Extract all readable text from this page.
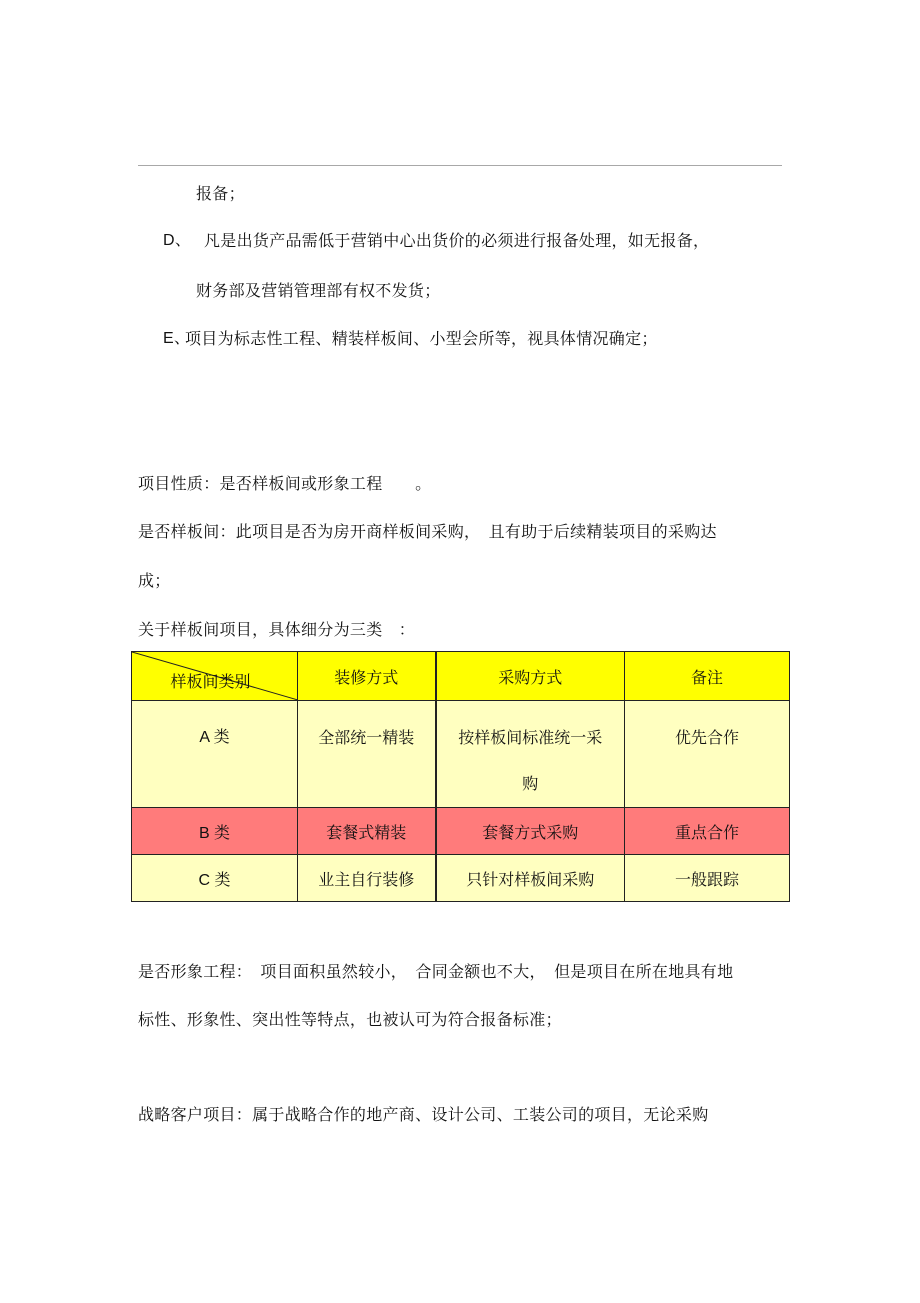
报备；
D、 凡是出货产品需低于营销中心出货价的必须进行报备处理，如无报备，
财务部及营销管理部有权不发货；
E、
项目为标志性工程、精装样板间、小型会所等，视具体情况确定；
项目性质：是否样板间或形象工程　　。
是否样板间：此项目是否为房开商样板间采购，　且有助于后续精装项目的采购达
成；
关于样板间项目，具体细分为三类　：
样板间类别	装修方式	采购方式	备注

A 类	全部统一精装	按样板间标准统一采购	优先合作

B 类	套餐式精装	套餐方式采购	重点合作
C 类	业主自行装修	只针对样板间采购	一般跟踪
是否形象工程：　项目面积虽然较小，　合同金额也不大，　但是项目在所在地具有地
标性、形象性、突出性等特点，也被认可为符合报备标准；
战略客户项目：属于战略合作的地产商、设计公司、工装公司的项目，无论采购
